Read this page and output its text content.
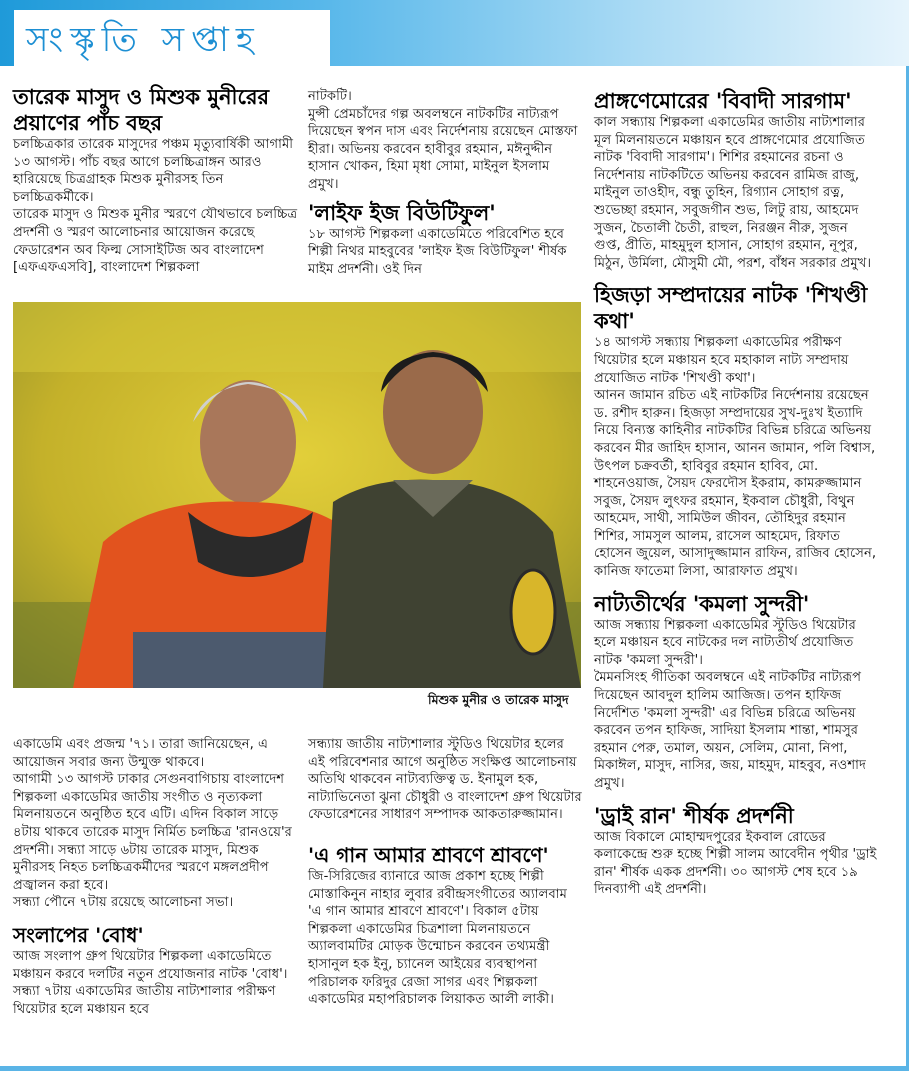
সংস্কৃতি সপ্তাহ
তারেক মাসুদ ও মিশুক মুনীরের প্রয়াণের পাঁচ বছর

চলচ্চিত্রকার তারেক মাসুদের পঞ্চম মৃত্যুবার্ষিকী আগামী ১৩ আগস্ট। পাঁচ বছর আগে চলচ্চিত্রাঙ্গন আরও হারিয়েছে চিত্রগ্রাহক মিশুক মুনীরসহ তিন চলচ্চিত্রকর্মীকে।

তারেক মাসুদ ও মিশুক মুনীর স্মরণে যৌথভাবে চলচ্চিত্র প্রদর্শনী ও স্মরণ আলোচনার আয়োজন করেছে ফেডারেশন অব ফিল্ম সোসাইটিজ অব বাংলাদেশ [এফএফএসবি], বাংলাদেশ শিল্পকলা

নাটকটি।

মুন্সী প্রেমচাঁদের গল্প অবলম্বনে নাটকটির নাট্যরূপ দিয়েছেন স্বপন দাস এবং নির্দেশনায় রয়েছেন মোস্তফা হীরা। অভিনয় করবেন হাবীবুর রহমান, মঈনুদ্দীন হাসান খোকন, হিমা মৃধা সোমা, মাইনুল ইসলাম প্রমুখ।

'লাইফ ইজ বিউটিফুল'

১৮ আগস্ট শিল্পকলা একাডেমিতে পরিবেশিত হবে শিল্পী নিথর মাহবুবের 'লাইফ ইজ বিউটিফুল' শীর্ষক মাইম প্রদর্শনী। ওই দিন

মিশুক মুনীর ও তারেক মাসুদ

একাডেমি এবং প্রজন্ম '৭১। তারা জানিয়েছেন, এ আয়োজন সবার জন্য উন্মুক্ত থাকবে।

আগামী ১৩ আগস্ট ঢাকার সেগুনবাগিচায় বাংলাদেশ শিল্পকলা একাডেমির জাতীয় সংগীত ও নৃত্যকলা মিলনায়তনে অনুষ্ঠিত হবে এটি। এদিন বিকাল সাড়ে ৪টায় থাকবে তারেক মাসুদ নির্মিত চলচ্চিত্র 'রানওয়ে'র প্রদর্শনী। সন্ধ্যা সাড়ে ৬টায় তারেক মাসুদ, মিশুক মুনীরসহ নিহত চলচ্চিত্রকর্মীদের স্মরণে মঙ্গলপ্রদীপ প্রজ্বালন করা হবে।

সন্ধ্যা পৌনে ৭টায় রয়েছে আলোচনা সভা।

সংলাপের 'বোধ'

আজ সংলাপ গ্রুপ থিয়েটার শিল্পকলা একাডেমিতে মঞ্চায়ন করবে দলটির নতুন প্রযোজনার নাটক 'বোধ'। সন্ধ্যা ৭টায় একাডেমির জাতীয় নাট্যশালার পরীক্ষণ থিয়েটার হলে মঞ্চায়ন হবে

সন্ধ্যায় জাতীয় নাট্যশালার স্টুডিও থিয়েটার হলের এই পরিবেশনার আগে অনুষ্ঠিত সংক্ষিপ্ত আলোচনায় অতিথি থাকবেন নাট্যব্যক্তিত্ব ড. ইনামুল হক, নাট্যাভিনেতা ঝুনা চৌধুরী ও বাংলাদেশ গ্রুপ থিয়েটার ফেডারেশনের সাধারণ সম্পাদক আকতারুজ্জামান।

'এ গান আমার শ্রাবণে শ্রাবণে'

জি-সিরিজের ব্যানারে আজ প্রকাশ হচ্ছে শিল্পী মোস্তাকিনুন নাহার লুবার রবীন্দ্রসংগীতের অ্যালবাম 'এ গান আমার শ্রাবণে শ্রাবণে'। বিকাল ৫টায় শিল্পকলা একাডেমির চিত্রশালা মিলনায়তনে অ্যালবামটির মোড়ক উন্মোচন করবেন তথ্যমন্ত্রী হাসানুল হক ইনু, চ্যানেল আইয়ের ব্যবস্থাপনা পরিচালক ফরিদুর রেজা সাগর এবং শিল্পকলা একাডেমির মহাপরিচালক লিয়াকত আলী লাকী।

প্রাঙ্গণেমোরের 'বিবাদী সারগাম'

কাল সন্ধ্যায় শিল্পকলা একাডেমির জাতীয় নাট্যশালার মূল মিলনায়তনে মঞ্চায়ন হবে প্রাঙ্গণেমোর প্রযোজিত নাটক 'বিবাদী সারগাম'। শিশির রহমানের রচনা ও নির্দেশনায় নাটকটিতে অভিনয় করবেন রামিজ রাজু, মাইনুল তাওহীদ, বন্ধু তুহিন, রিগ্যান সোহাগ রত্ন, শুভেচ্ছা রহমান, সবুজগীন শুভ, লিটু রায়, আহমেদ সুজন, চৈতালী চৈতী, রাহুল, নিরঞ্জন নীরু, সুজন গুপ্ত, প্রীতি, মাহমুদুল হাসান, সোহাগ রহমান, নূপুর, মিঠুন, উর্মিলা, মৌসুমী মৌ, পরশ, বাঁধন সরকার প্রমুখ।

হিজড়া সম্প্রদায়ের নাটক 'শিখণ্ডী কথা'

১৪ আগস্ট সন্ধ্যায় শিল্পকলা একাডেমির পরীক্ষণ থিয়েটার হলে মঞ্চায়ন হবে মহাকাল নাট্য সম্প্রদায় প্রযোজিত নাটক 'শিখণ্ডী কথা'।

আনন জামান রচিত এই নাটকটির নির্দেশনায় রয়েছেন ড. রশীদ হারুন। হিজড়া সম্প্রদায়ের সুখ-দুঃখ ইত্যাদি নিয়ে বিন্যস্ত কাহিনীর নাটকটির বিভিন্ন চরিত্রে অভিনয় করবেন মীর জাহিদ হাসান, আনন জামান, পলি বিশ্বাস, উৎপল চক্রবর্তী, হাবিবুর রহমান হাবিব, মো. শাহনেওয়াজ, সৈয়দ ফেরদৌস ইকরাম, কামরুজ্জামান সবুজ, সৈয়দ লুৎফর রহমান, ইকবাল চৌধুরী, বিথুন আহমেদ, সাথী, সামিউল জীবন, তৌহিদুর রহমান শিশির, সামসুল আলম, রাসেল আহমেদ, রিফাত হোসেন জুয়েল, আসাদুজ্জামান রাফিন, রাজিব হোসেন, কানিজ ফাতেমা লিসা, আরাফাত প্রমুখ।

নাট্যতীর্থের 'কমলা সুন্দরী'

আজ সন্ধ্যায় শিল্পকলা একাডেমির স্টুডিও থিয়েটার হলে মঞ্চায়ন হবে নাটকের দল নাট্যতীর্থ প্রযোজিত নাটক 'কমলা সুন্দরী'।

মৈমনসিংহ গীতিকা অবলম্বনে এই নাটকটির নাট্যরূপ দিয়েছেন আবদুল হালিম আজিজ। তপন হাফিজ নির্দেশিত 'কমলা সুন্দরী' এর বিভিন্ন চরিত্রে অভিনয় করবেন তপন হাফিজ, সাদিয়া ইসলাম শান্তা, শামসুর রহমান পেরু, তমাল, অয়ন, সেলিম, মোনা, নিপা, মিকাঈল, মাসুদ, নাসির, জয়, মাহমুদ, মাহবুব, নওশাদ প্রমুখ।

'ড্রাই রান' শীর্ষক প্রদর্শনী

আজ বিকালে মোহাম্মদপুরের ইকবাল রোডের কলাকেন্দ্রে শুরু হচ্ছে শিল্পী সালম আবেদীন পৃথীর 'ড্রাই রান' শীর্ষক একক প্রদর্শনী। ৩০ আগস্ট শেষ হবে ১৯ দিনব্যাপী এই প্রদর্শনী।
